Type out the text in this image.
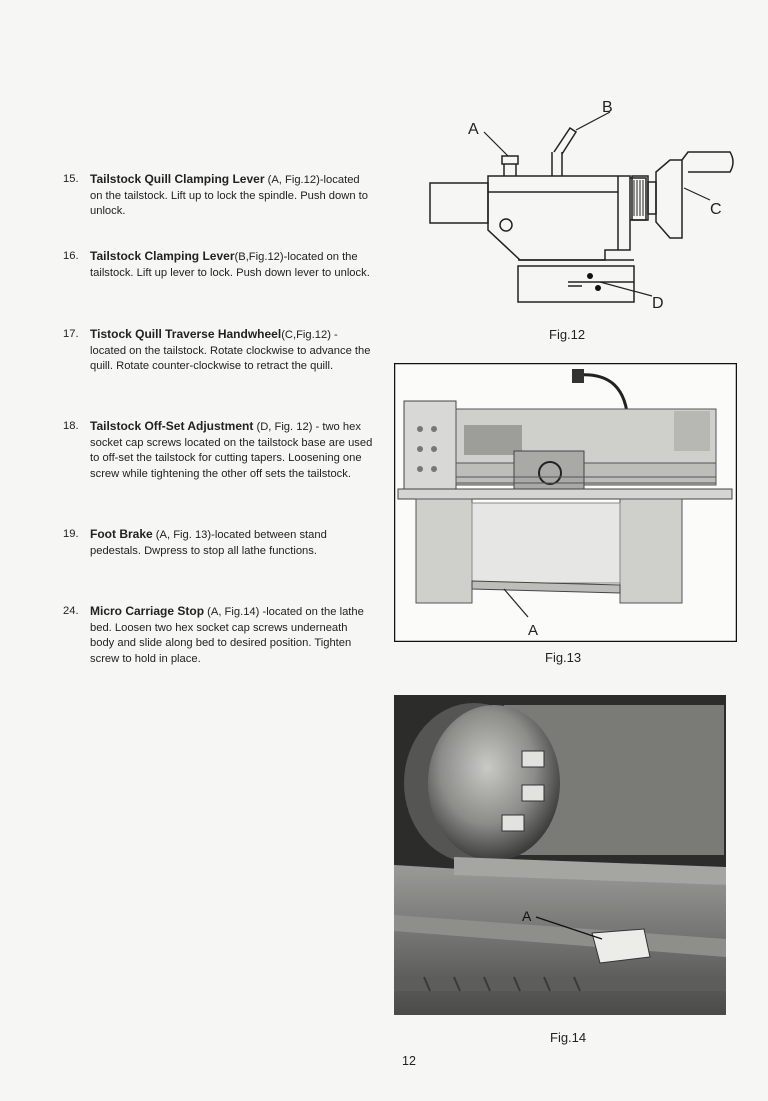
15. Tailstock Quill Clamping Lever (A, Fig.12)-located on the tailstock. Lift up to lock the spindle. Push down to unlock.
16. Tailstock Clamping Lever(B,Fig.12)-located on the tailstock. Lift up lever to lock. Push down lever to unlock.
17. Tistock Quill Traverse Handwheel(C,Fig.12) -located on the tailstock. Rotate clockwise to advance the quill. Rotate counter-clockwise to retract the quill.
18. Tailstock Off-Set Adjustment (D, Fig. 12) - two hex socket cap screws located on the tailstock base are used to off-set the tailstock for cutting tapers. Loosening one screw while tightening the other off sets the tailstock.
19. Foot Brake (A, Fig. 13)-located between stand pedestals. Dwpress to stop all lathe functions.
24. Micro Carriage Stop (A, Fig.14) -located on the lathe bed. Loosen two hex socket cap screws underneath body and slide along bed to desired position. Tighten screw to hold in place.
A
B
C
D
Fig.12
A
Fig.13
A
Fig.14
12
